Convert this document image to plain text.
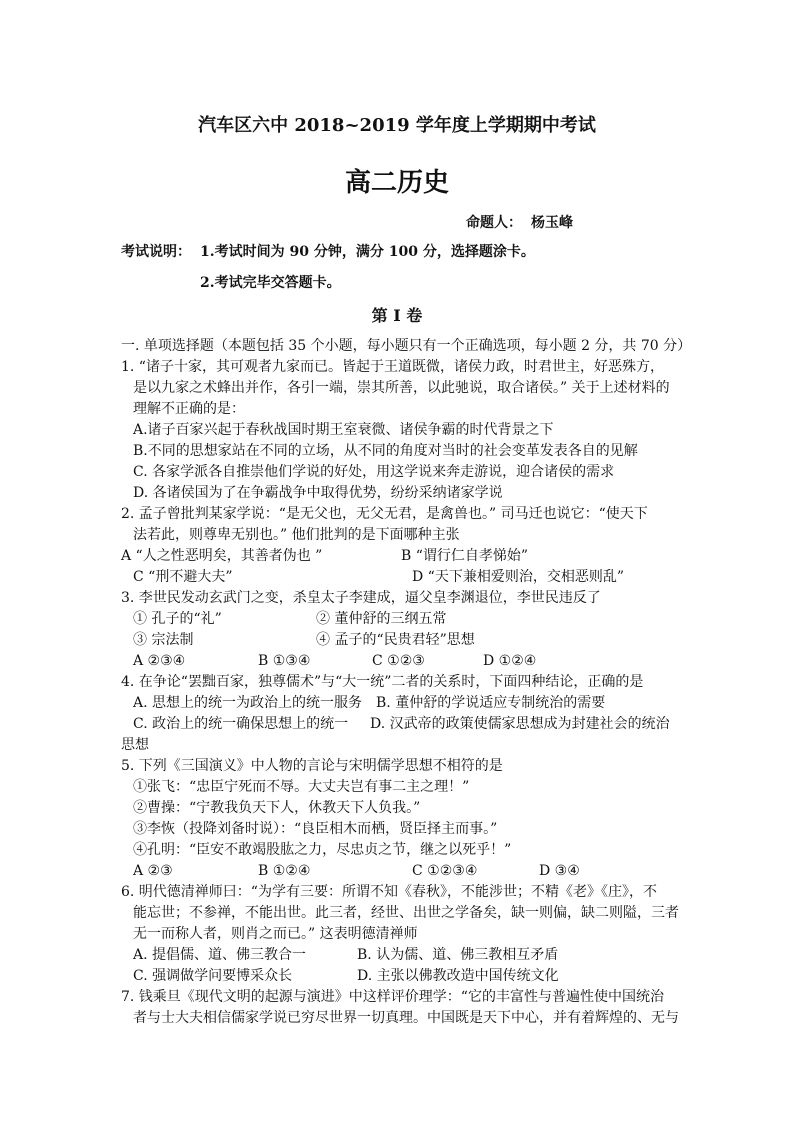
汽车区六中 2018~2019 学年度上学期期中考试
高二历史
命题人： 杨玉峰
考试说明： 1.考试时间为 90 分钟，满分 100 分，选择题涂卡。
2.考试完毕交答题卡。
第 I 卷
一. 单项选择题（本题包括 35 个小题，每小题只有一个正确选项，每小题 2 分，共 70 分）
1. “诸子十家，其可观者九家而已。皆起于王道既微，诸侯力政，时君世主，好恶殊方，
是以九家之术蜂出并作，各引一端，崇其所善，以此驰说，取合诸侯。” 关于上述材料的
理解不正确的是：
A.诸子百家兴起于春秋战国时期王室衰微、诸侯争霸的时代背景之下
B.不同的思想家站在不同的立场，从不同的角度对当时的社会变革发表各自的见解
C. 各家学派各自推崇他们学说的好处，用这学说来奔走游说，迎合诸侯的需求
D. 各诸侯国为了在争霸战争中取得优势，纷纷采纳诸家学说
2. 孟子曾批判某家学说：“是无父也，无父无君，是禽兽也。” 司马迁也说它：“使天下
法若此，则尊卑无别也。” 他们批判的是下面哪种主张
A “人之性恶明矣，其善者伪也 ”	B “谓行仁自孝悌始”
C “刑不避大夫”	D “天下兼相爱则治，交相恶则乱”
3. 李世民发动玄武门之变，杀皇太子李建成，逼父皇李渊退位，李世民违反了
① 孔子的“礼”	② 董仲舒的三纲五常
③ 宗法制	④ 孟子的“民贵君轻”思想
A ②③④	B ①③④	C ①②③	D ①②④
4. 在争论“罢黜百家，独尊儒术”与“大一统”二者的关系时，下面四种结论，正确的是
A. 思想上的统一为政治上的统一服务 B. 董仲舒的学说适应专制统治的需要
C. 政治上的统一确保思想上的统一 D. 汉武帝的政策使儒家思想成为封建社会的统治
思想
5. 下列《三国演义》中人物的言论与宋明儒学思想不相符的是
①张飞：“忠臣宁死而不辱。大丈夫岂有事二主之理！”
②曹操：“宁教我负天下人，休教天下人负我。”
③李恢（投降刘备时说）：“良臣相木而栖，贤臣择主而事。”
④孔明：“臣安不敢竭股肱之力，尽忠贞之节，继之以死乎！”
A ②③	B ①②④	C ①②③④	D ③④
6. 明代德清禅师曰：“为学有三要：所谓不知《春秋》，不能涉世；不精《老》《庄》，不
能忘世；不参禅，不能出世。此三者，经世、出世之学备矣，缺一则偏，缺二则隘，三者
无一而称人者，则肖之而已。” 这表明德清禅师
A. 提倡儒、道、佛三教合一	B. 认为儒、道、佛三教相互矛盾
C. 强调做学问要博采众长	D. 主张以佛教改造中国传统文化
7. 钱乘旦《现代文明的起源与演进》中这样评价理学：“它的丰富性与普遍性使中国统治
者与士大夫相信儒家学说已穷尽世界一切真理。中国既是天下中心，并有着辉煌的、无与
